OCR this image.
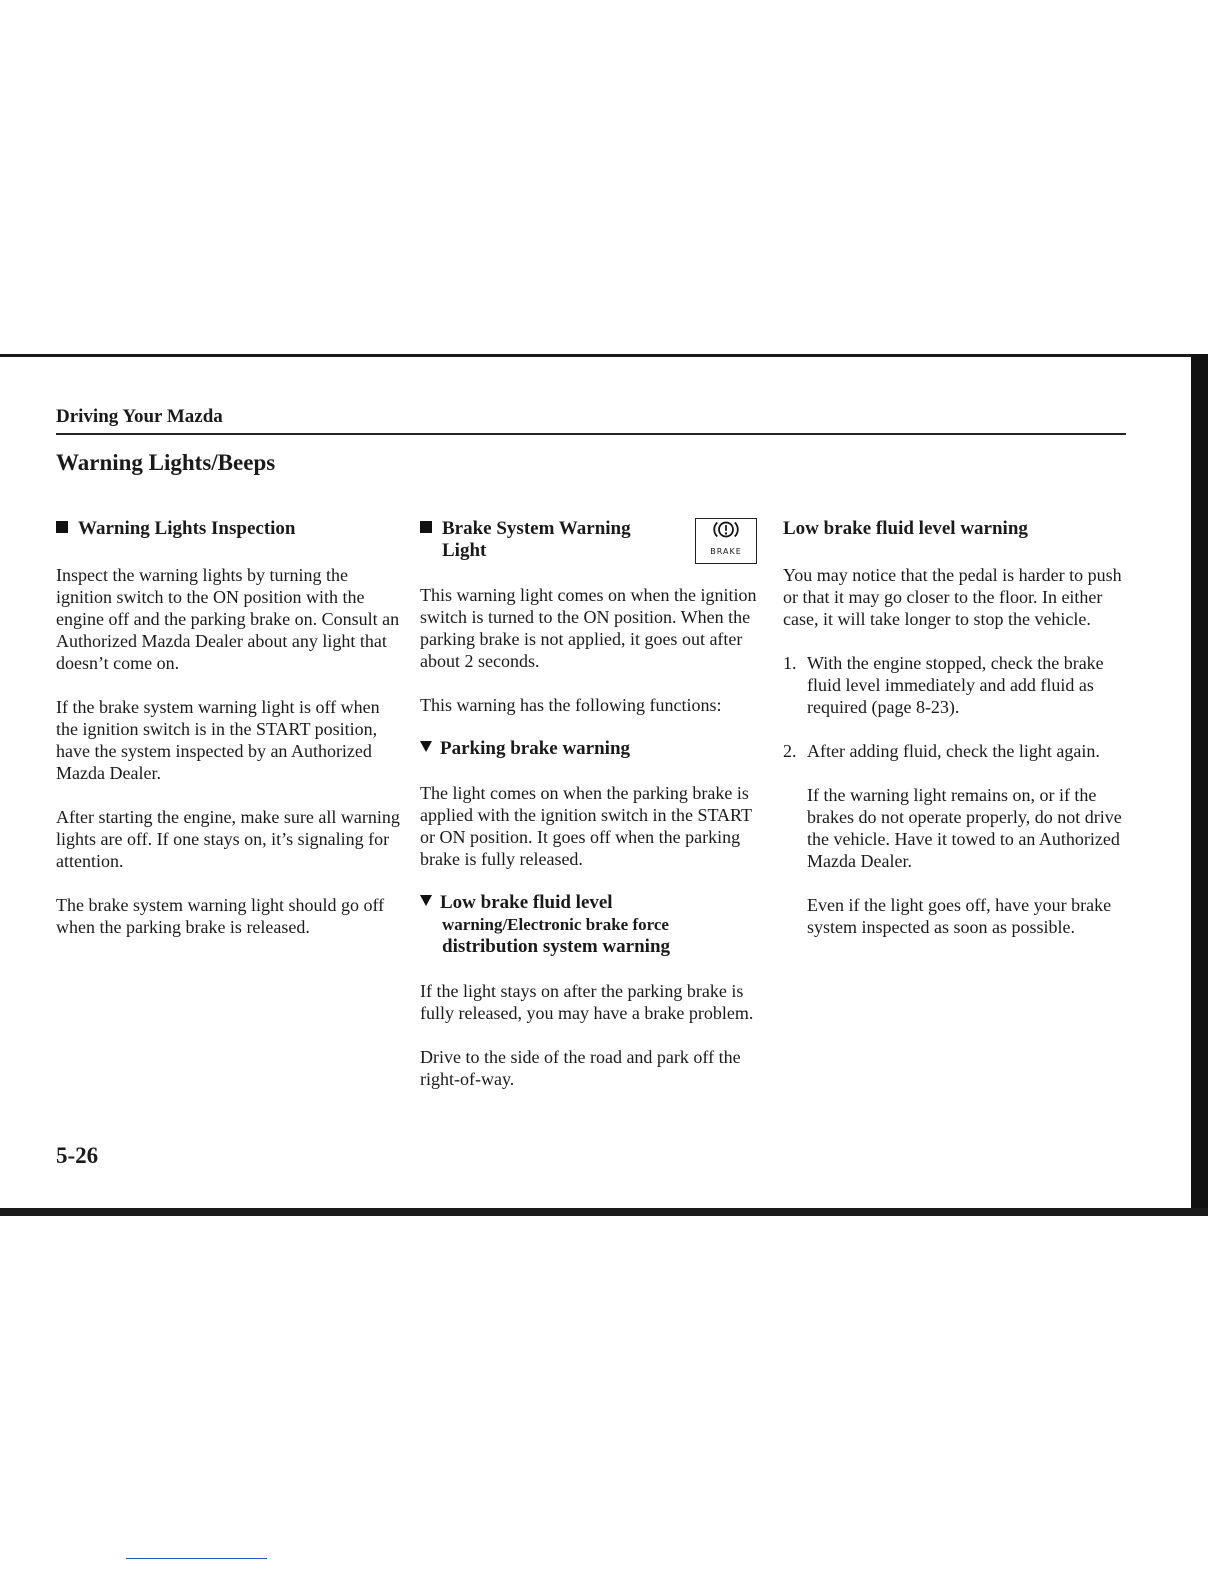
Driving Your Mazda
Warning Lights/Beeps
Warning Lights Inspection

Inspect the warning lights by turning the ignition switch to the ON position with the engine off and the parking brake on. Consult an Authorized Mazda Dealer about any light that doesn’t come on.

If the brake system warning light is off when the ignition switch is in the START position, have the system inspected by an Authorized Mazda Dealer.

After starting the engine, make sure all warning lights are off. If one stays on, it’s signaling for attention.

The brake system warning light should go off when the parking brake is released.

Brake System Warning
Light	BRAKE

This warning light comes on when the ignition switch is turned to the ON position. When the parking brake is not applied, it goes out after about 2 seconds.

This warning has the following functions:

Parking brake warning

The light comes on when the parking brake is applied with the ignition switch in the START or ON position. It goes off when the parking brake is fully released.

Low brake fluid level
warning/Electronic brake force
distribution system warning

If the light stays on after the parking brake is fully released, you may have a brake problem.

Drive to the side of the road and park off the right-of-way.

Low brake fluid level warning

You may notice that the pedal is harder to push or that it may go closer to the floor. In either case, it will take longer to stop the vehicle.

1. With the engine stopped, check the brake fluid level immediately and add fluid as required (page 8-23).

2. After adding fluid, check the light again.

If the warning light remains on, or if the brakes do not operate properly, do not drive the vehicle. Have it towed to an Authorized Mazda Dealer.

Even if the light goes off, have your brake system inspected as soon as possible.

5-26
